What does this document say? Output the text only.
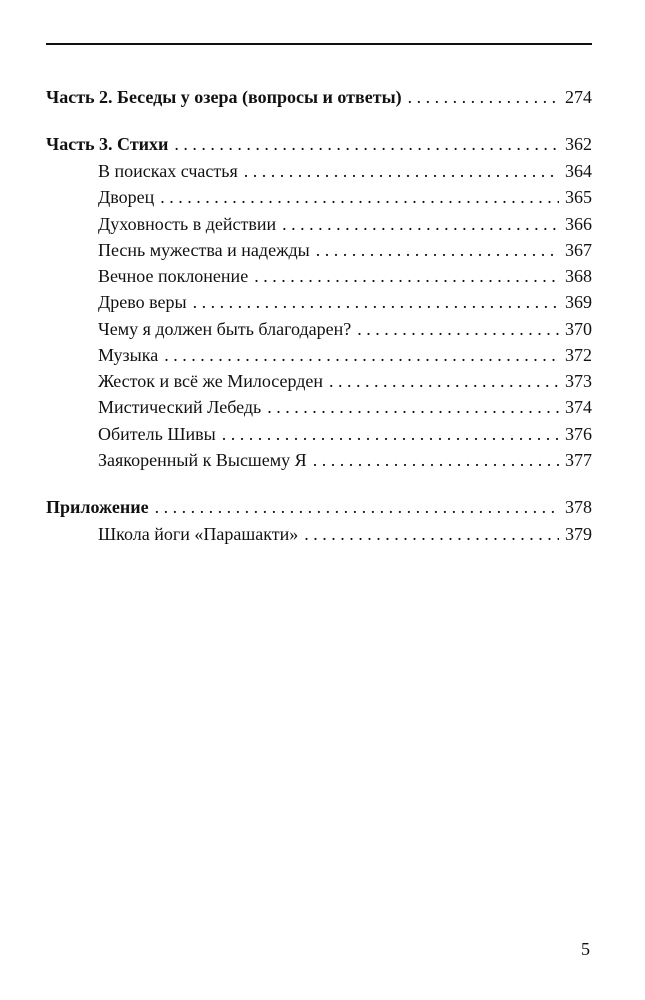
Часть 2. Беседы у озера (вопросы и ответы) . . .	274
Часть 3. Стихи . . .	362
В поисках счастья . . .	364
Дворец . . .	365
Духовность в действии . . .	366
Песнь мужества и надежды . . .	367
Вечное поклонение . . .	368
Древо веры . . .	369
Чему я должен быть благодарен? . . .	370
Музыка . . .	372
Жесток и всё же Милосерден . . .	373
Мистический Лебедь . . .	374
Обитель Шивы . . .	376
Заякоренный к Высшему Я . . .	377
Приложение . . .	378
Школа йоги «Парашакти» . . .	379
5
